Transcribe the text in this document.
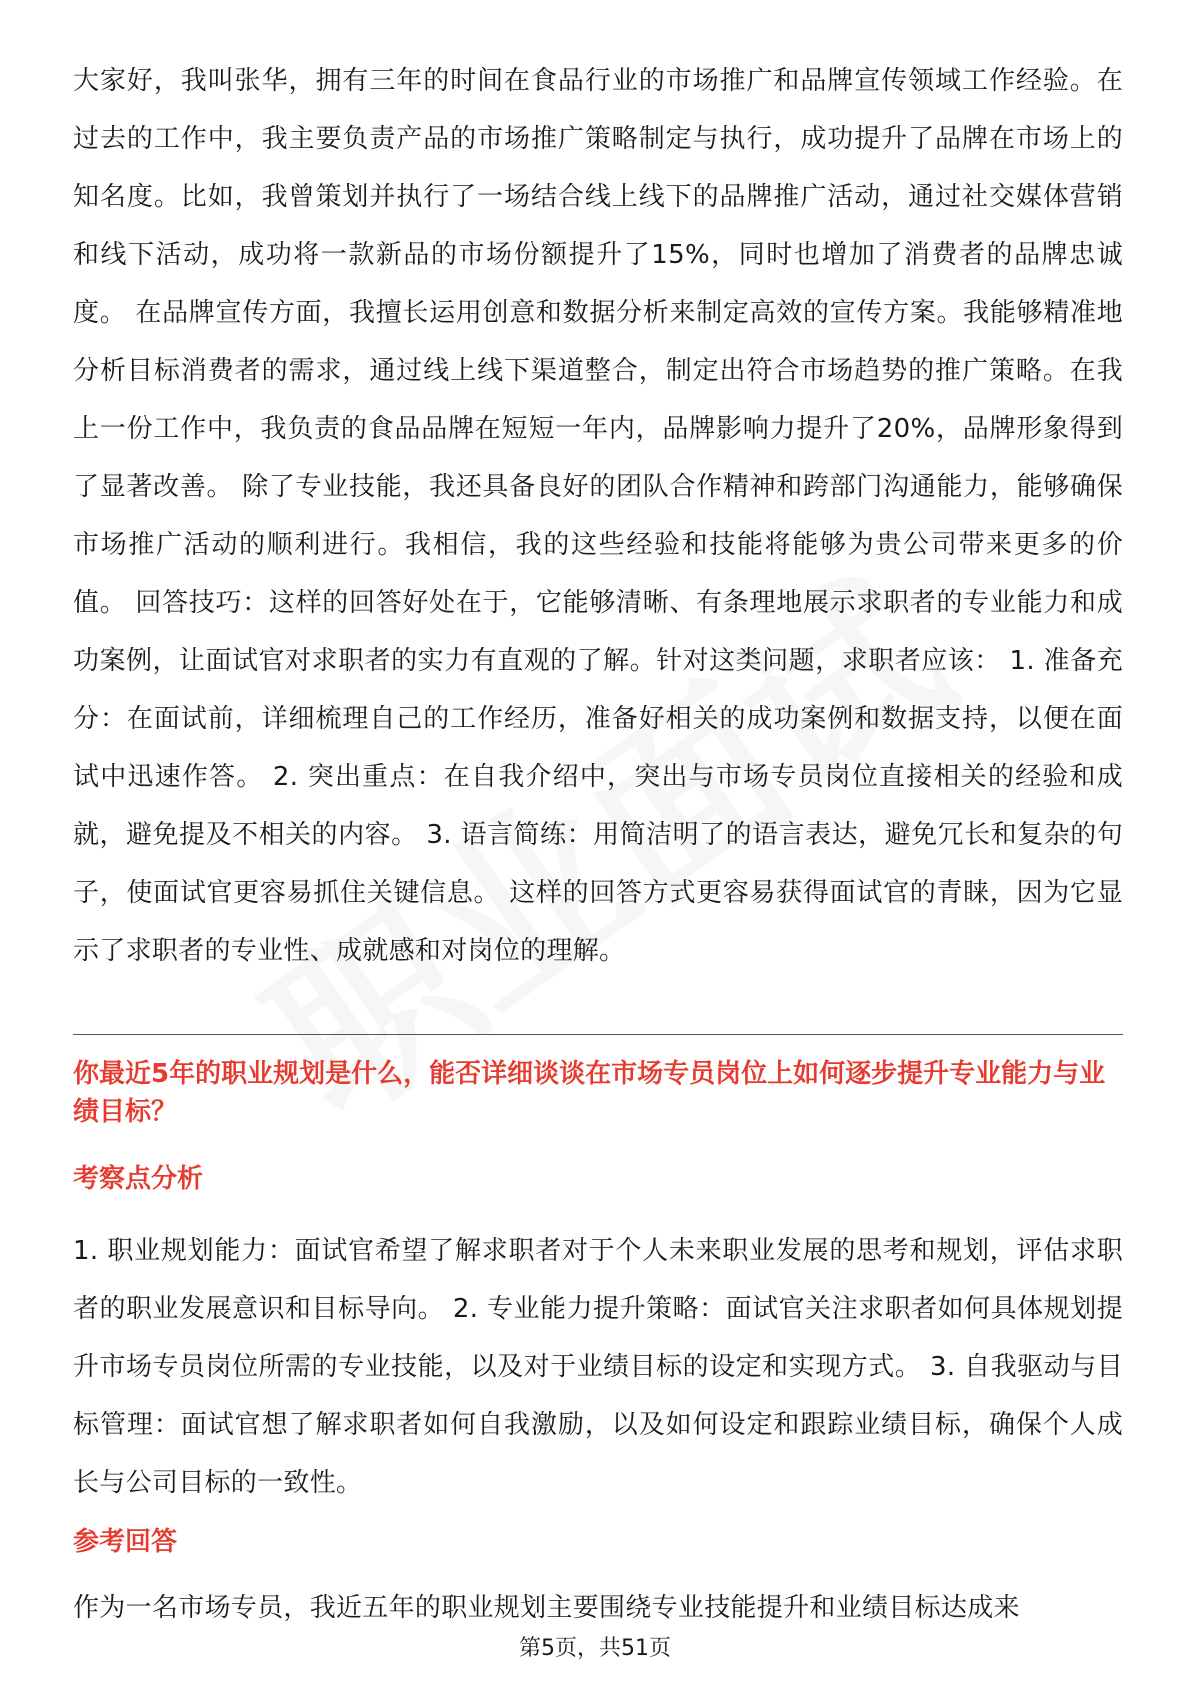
大家好，我叫张华，拥有三年的时间在食品行业的市场推广和品牌宣传领域工作经验。在过去的工作中，我主要负责产品的市场推广策略制定与执行，成功提升了品牌在市场上的知名度。比如，我曾策划并执行了一场结合线上线下的品牌推广活动，通过社交媒体营销和线下活动，成功将一款新品的市场份额提升了15%，同时也增加了消费者的品牌忠诚度。 在品牌宣传方面，我擅长运用创意和数据分析来制定高效的宣传方案。我能够精准地分析目标消费者的需求，通过线上线下渠道整合，制定出符合市场趋势的推广策略。在我上一份工作中，我负责的食品品牌在短短一年内，品牌影响力提升了20%，品牌形象得到了显著改善。 除了专业技能，我还具备良好的团队合作精神和跨部门沟通能力，能够确保市场推广活动的顺利进行。我相信，我的这些经验和技能将能够为贵公司带来更多的价值。 回答技巧：这样的回答好处在于，它能够清晰、有条理地展示求职者的专业能力和成功案例，让面试官对求职者的实力有直观的了解。针对这类问题，求职者应该： 1. 准备充分：在面试前，详细梳理自己的工作经历，准备好相关的成功案例和数据支持，以便在面试中迅速作答。 2. 突出重点：在自我介绍中，突出与市场专员岗位直接相关的经验和成就，避免提及不相关的内容。 3. 语言简练：用简洁明了的语言表达，避免冗长和复杂的句子，使面试官更容易抓住关键信息。 这样的回答方式更容易获得面试官的青睐，因为它显示了求职者的专业性、成就感和对岗位的理解。

你最近5年的职业规划是什么，能否详细谈谈在市场专员岗位上如何逐步提升专业能力与业绩目标？
考察点分析

1. 职业规划能力：面试官希望了解求职者对于个人未来职业发展的思考和规划，评估求职者的职业发展意识和目标导向。 2. 专业能力提升策略：面试官关注求职者如何具体规划提升市场专员岗位所需的专业技能，以及对于业绩目标的设定和实现方式。 3. 自我驱动与目标管理：面试官想了解求职者如何自我激励，以及如何设定和跟踪业绩目标，确保个人成长与公司目标的一致性。

参考回答

作为一名市场专员，我近五年的职业规划主要围绕专业技能提升和业绩目标达成来

第5页，共51页
